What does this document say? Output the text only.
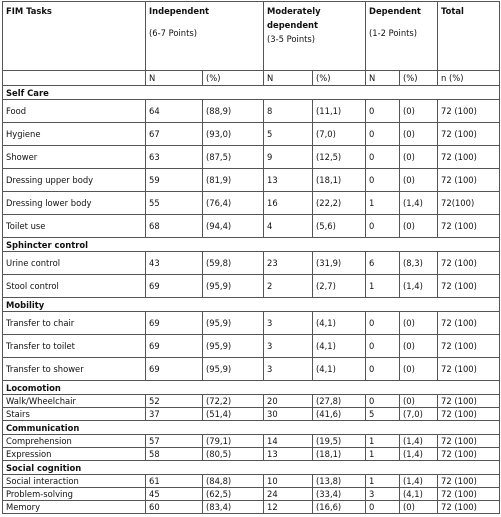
FIM Tasks	Independent
(6-7 Points)		Moderately
dependent
(3-5 Points)		Dependent
(1-2 Points)		Total
	N	(%)	N	(%)	N	(%)	n (%)
Self Care							
Food	64	(88,9)	8	(11,1)	0	(0)	72 (100)
Hygiene	67	(93,0)	5	(7,0)	0	(0)	72 (100)
Shower	63	(87,5)	9	(12,5)	0	(0)	72 (100)
Dressing upper body	59	(81,9)	13	(18,1)	0	(0)	72 (100)
Dressing lower body	55	(76,4)	16	(22,2)	1	(1,4)	72(100)
Toilet use	68	(94,4)	4	(5,6)	0	(0)	72 (100)
Sphincter control							
Urine control	43	(59,8)	23	(31,9)	6	(8,3)	72 (100)
Stool control	69	(95,9)	2	(2,7)	1	(1,4)	72 (100)
Mobility							
Transfer to chair	69	(95,9)	3	(4,1)	0	(0)	72 (100)
Transfer to toilet	69	(95,9)	3	(4,1)	0	(0)	72 (100)
Transfer to shower	69	(95,9)	3	(4,1)	0	(0)	72 (100)
Locomotion							
Walk/Wheelchair	52	(72,2)	20	(27,8)	0	(0)	72 (100)
Stairs	37	(51,4)	30	(41,6)	5	(7,0)	72 (100)
Communication							
Comprehension	57	(79,1)	14	(19,5)	1	(1,4)	72 (100)
Expression	58	(80,5)	13	(18,1)	1	(1,4)	72 (100)
Social cognition							
Social interaction	61	(84,8)	10	(13,8)	1	(1,4)	72 (100)
Problem-solving	45	(62,5)	24	(33,4)	3	(4,1)	72 (100)
Memory	60	(83,4)	12	(16,6)	0	(0)	72 (100)
